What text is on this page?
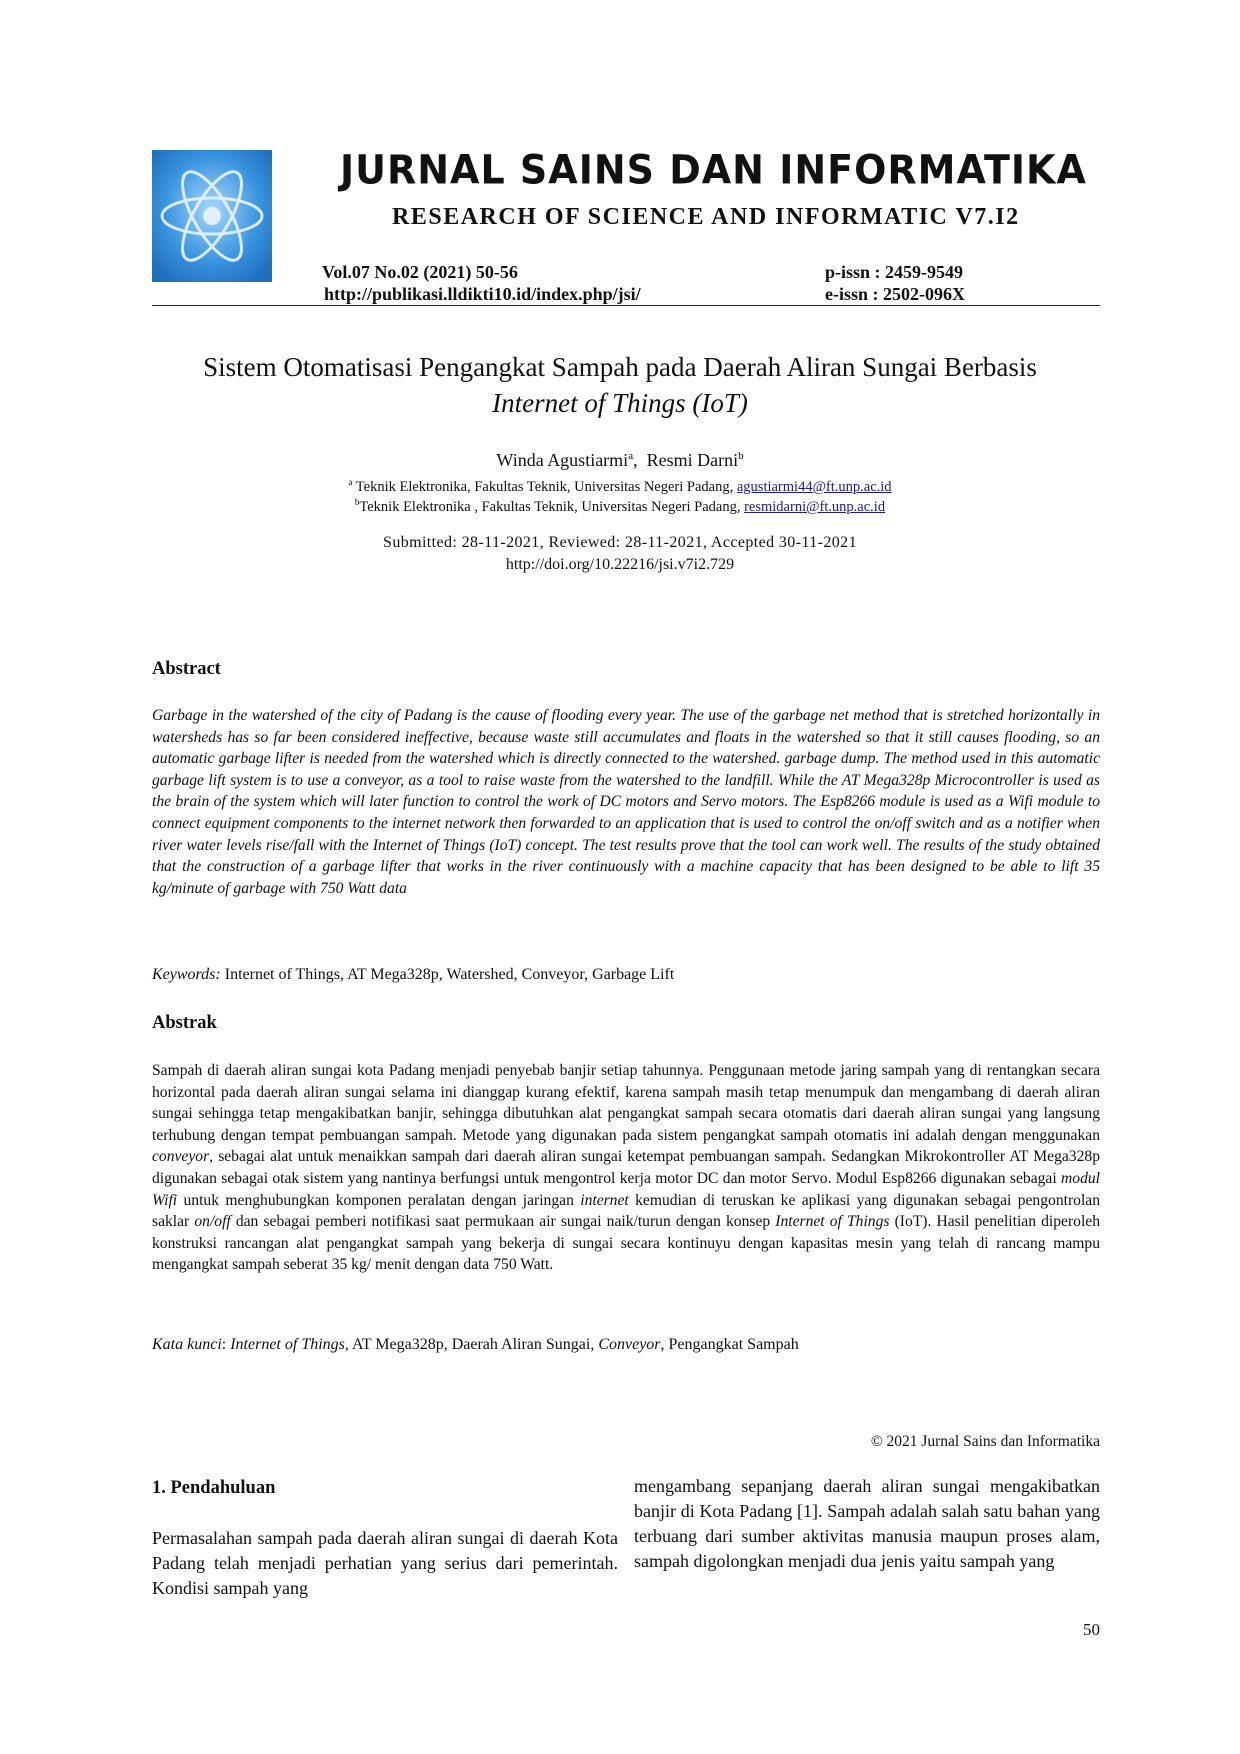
JURNAL SAINS DAN INFORMATIKA
RESEARCH OF SCIENCE AND INFORMATIC V7.I2
Vol.07 No.02 (2021) 50-56
http://publikasi.lldikti10.id/index.php/jsi/
p-issn : 2459-9549
e-issn : 2502-096X
Sistem Otomatisasi Pengangkat Sampah pada Daerah Aliran Sungai Berbasis
Internet of Things (IoT)
Winda Agustiarmi$^a$,  Resmi Darni$^b$
$^a$ Teknik Elektronika, Fakultas Teknik, Universitas Negeri Padang, agustiarmi44@ft.unp.ac.id
$^b$Teknik Elektronika , Fakultas Teknik, Universitas Negeri Padang, resmidarni@ft.unp.ac.id
Submitted: 28-11-2021, Reviewed: 28-11-2021, Accepted 30-11-2021
http://doi.org/10.22216/jsi.v7i2.729
Abstract
Garbage in the watershed of the city of Padang is the cause of flooding every year. The use of the garbage net method that is stretched horizontally in watersheds has so far been considered ineffective, because waste still accumulates and floats in the watershed so that it still causes flooding, so an automatic garbage lifter is needed from the watershed which is directly connected to the watershed. garbage dump. The method used in this automatic garbage lift system is to use a conveyor, as a tool to raise waste from the watershed to the landfill. While the AT Mega328p Microcontroller is used as the brain of the system which will later function to control the work of DC motors and Servo motors. The Esp8266 module is used as a Wifi module to connect equipment components to the internet network then forwarded to an application that is used to control the on/off switch and as a notifier when river water levels rise/fall with the Internet of Things (IoT) concept. The test results prove that the tool can work well. The results of the study obtained that the construction of a garbage lifter that works in the river continuously with a machine capacity that has been designed to be able to lift 35 kg/minute of garbage with 750 Watt data
Keywords: Internet of Things, AT Mega328p, Watershed, Conveyor, Garbage Lift
Abstrak
Sampah di daerah aliran sungai kota Padang menjadi penyebab banjir setiap tahunnya. Penggunaan metode jaring sampah yang di rentangkan secara horizontal pada daerah aliran sungai selama ini dianggap kurang efektif, karena sampah masih tetap menumpuk dan mengambang di daerah aliran sungai sehingga tetap mengakibatkan banjir, sehingga dibutuhkan alat pengangkat sampah secara otomatis dari daerah aliran sungai yang langsung terhubung dengan tempat pembuangan sampah. Metode yang digunakan pada sistem pengangkat sampah otomatis ini adalah dengan menggunakan conveyor, sebagai alat untuk menaikkan sampah dari daerah aliran sungai ketempat pembuangan sampah. Sedangkan Mikrokontroller AT Mega328p digunakan sebagai otak sistem yang nantinya berfungsi untuk mengontrol kerja motor DC dan motor Servo. Modul Esp8266 digunakan sebagai modul Wifi untuk menghubungkan komponen peralatan dengan jaringan internet kemudian di teruskan ke aplikasi yang digunakan sebagai pengontrolan saklar on/off dan sebagai pemberi notifikasi saat permukaan air sungai naik/turun dengan konsep Internet of Things (IoT). Hasil penelitian diperoleh konstruksi rancangan alat pengangkat sampah yang bekerja di sungai secara kontinuyu dengan kapasitas mesin yang telah di rancang mampu mengangkat sampah seberat 35 kg/ menit dengan data 750 Watt.
Kata kunci: Internet of Things, AT Mega328p, Daerah Aliran Sungai, Conveyor, Pengangkat Sampah
© 2021 Jurnal Sains dan Informatika
1. Pendahuluan
Permasalahan sampah pada daerah aliran sungai di daerah Kota Padang telah menjadi perhatian yang serius dari pemerintah. Kondisi sampah yang
mengambang sepanjang daerah aliran sungai mengakibatkan banjir di Kota Padang [1]. Sampah adalah salah satu bahan yang terbuang dari sumber aktivitas manusia maupun proses alam, sampah digolongkan menjadi dua jenis yaitu sampah yang
50
